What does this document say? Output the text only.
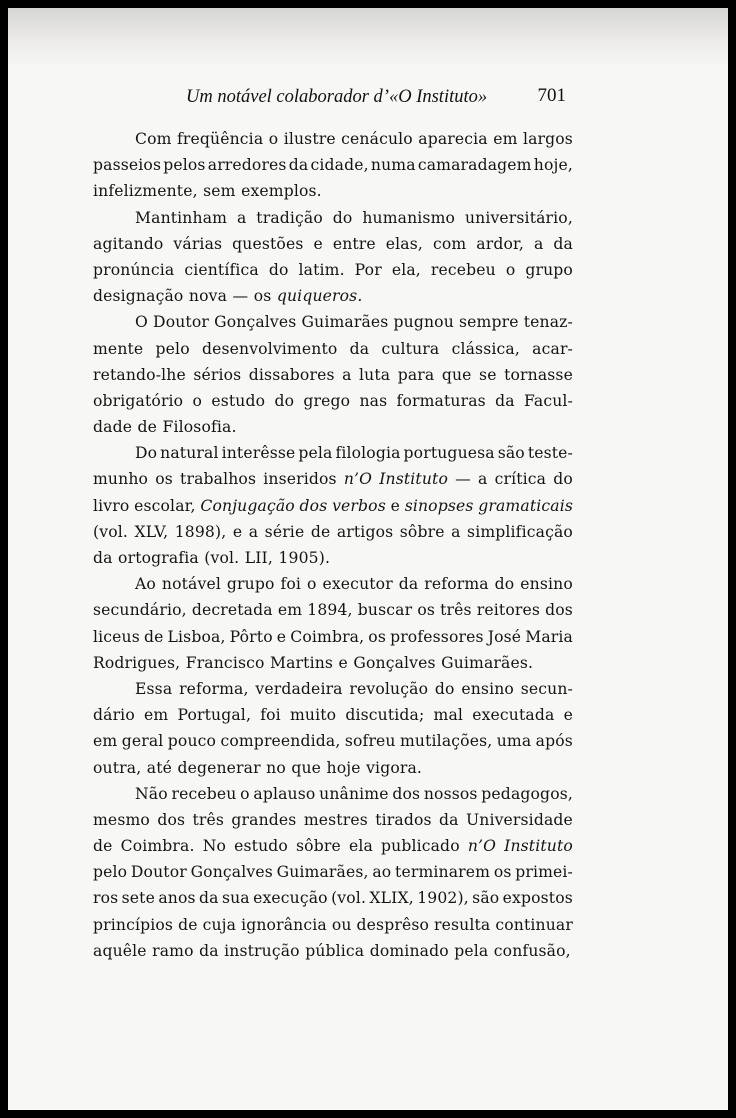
Um notável colaborador d’«O Instituto»	701
Com freqüência o ilustre cenáculo aparecia em largos
passeios pelos arredores da cidade, numa camaradagem hoje,
infelizmente, sem exemplos.
Mantinham a tradição do humanismo universitário,
agitando várias questões e entre elas, com ardor, a da
pronúncia científica do latim. Por ela, recebeu o grupo
designação nova — os quiqueros.
O Doutor Gonçalves Guimarães pugnou sempre tenaz-
mente pelo desenvolvimento da cultura clássica, acar-
retando-lhe sérios dissabores a luta para que se tornasse
obrigatório o estudo do grego nas formaturas da Facul-
dade de Filosofia.
Do natural interêsse pela filologia portuguesa são teste-
munho os trabalhos inseridos n’O Instituto — a crítica do
livro escolar, Conjugação dos verbos e sinopses gramaticais
(vol. XLV, 1898), e a série de artigos sôbre a simplificação
da ortografia (vol. LII, 1905).
Ao notável grupo foi o executor da reforma do ensino
secundário, decretada em 1894, buscar os três reitores dos
liceus de Lisboa, Pôrto e Coimbra, os professores José Maria
Rodrigues, Francisco Martins e Gonçalves Guimarães.
Essa reforma, verdadeira revolução do ensino secun-
dário em Portugal, foi muito discutida; mal executada e
em geral pouco compreendida, sofreu mutilações, uma após
outra, até degenerar no que hoje vigora.
Não recebeu o aplauso unânime dos nossos pedagogos,
mesmo dos três grandes mestres tirados da Universidade
de Coimbra. No estudo sôbre ela publicado n’O Instituto
pelo Doutor Gonçalves Guimarães, ao terminarem os primei-
ros sete anos da sua execução (vol. XLIX, 1902), são expostos
princípios de cuja ignorância ou desprêso resulta continuar
aquêle ramo da instrução pública dominado pela confusão,
